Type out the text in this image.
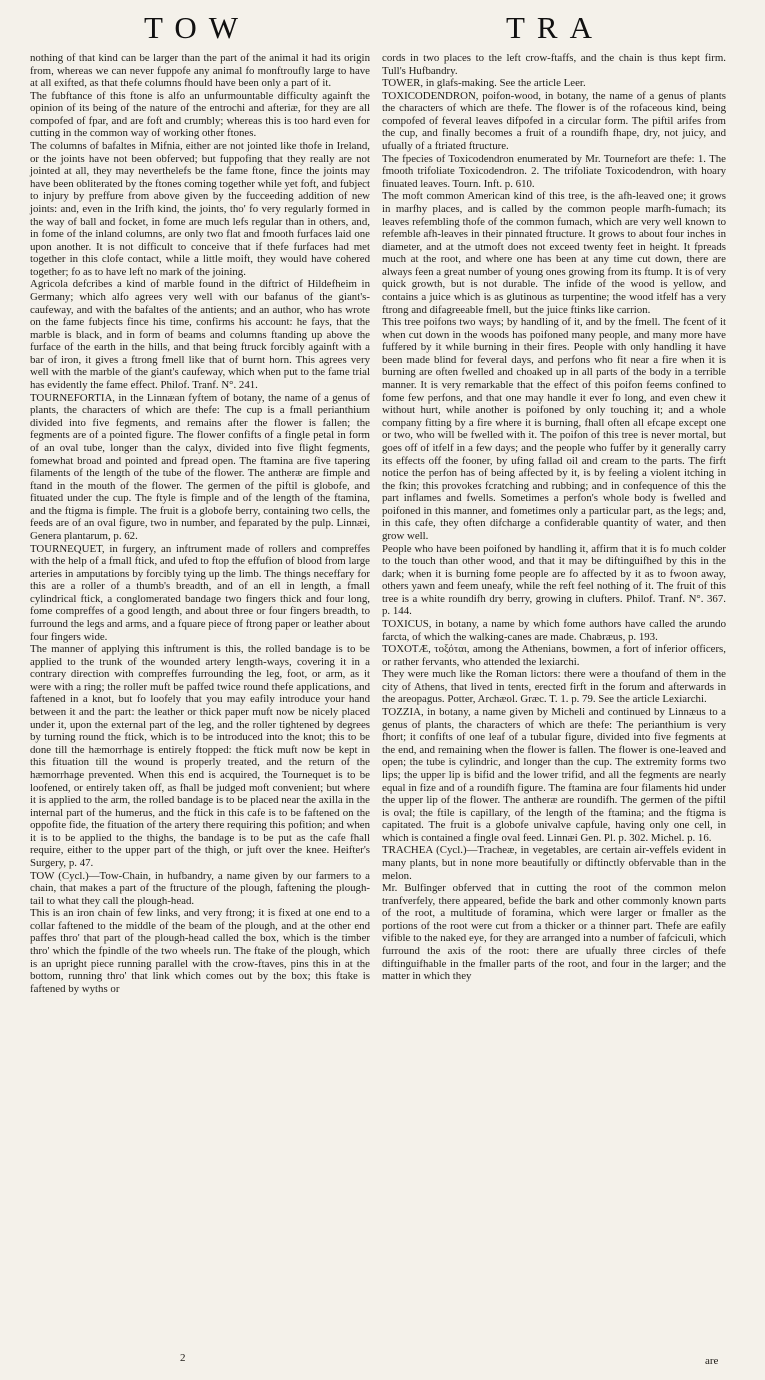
TOW	TRA

nothing of that kind can be larger than the part of the animal it had its origin from, whereas we can never fuppofe any animal fo monftroufly large to have at all exifted, as that thefe columns fhould have been only a part of it.

The fubftance of this ftone is alfo an unfurmountable difficulty againft the opinion of its being of the nature of the entrochi and afteriæ, for they are all compofed of fpar, and are foft and crumbly; whereas this is too hard even for cutting in the common way of working other ftones.

The columns of bafaltes in Mifnia, either are not jointed like thofe in Ireland, or the joints have not been obferved; but fuppofing that they really are not jointed at all, they may neverthelefs be the fame ftone, fince the joints may have been obliterated by the ftones coming together while yet foft, and fubject to injury by preffure from above given by the fucceeding addition of new joints: and, even in the Irifh kind, the joints, tho' fo very regularly formed in the way of ball and focket, in fome are much lefs regular than in others, and, in fome of the inland columns, are only two flat and fmooth furfaces laid one upon another. It is not difficult to conceive that if thefe furfaces had met together in this clofe contact, while a little moift, they would have cohered together; fo as to have left no mark of the joining.

Agricola defcribes a kind of marble found in the diftrict of Hildefheim in Germany; which alfo agrees very well with our bafanus of the giant's-caufeway, and with the bafaltes of the antients; and an author, who has wrote on the fame fubjects fince his time, confirms his account: he fays, that the marble is black, and in form of beams and columns ftanding up above the furface of the earth in the hills, and that being ftruck forcibly againft with a bar of iron, it gives a ftrong fmell like that of burnt horn. This agrees very well with the marble of the giant's caufeway, which when put to the fame trial has evidently the fame effect. Philof. Tranf. N°. 241.

TOURNEFORTIA, in the Linnæan fyftem of botany, the name of a genus of plants, the characters of which are thefe: The cup is a fmall perianthium divided into five fegments, and remains after the flower is fallen; the fegments are of a pointed figure. The flower confifts of a fingle petal in form of an oval tube, longer than the calyx, divided into five flight fegments, fomewhat broad and pointed and fpread open. The ftamina are five tapering filaments of the length of the tube of the flower. The antheræ are fimple and ftand in the mouth of the flower. The germen of the piftil is globofe, and fituated under the cup. The ftyle is fimple and of the length of the ftamina, and the ftigma is fimple. The fruit is a globofe berry, containing two cells, the feeds are of an oval figure, two in number, and feparated by the pulp. Linnæi, Genera plantarum, p. 62.

TOURNEQUET, in furgery, an inftrument made of rollers and compreffes with the help of a fmall ftick, and ufed to ftop the effufion of blood from large arteries in amputations by forcibly tying up the limb. The things neceffary for this are a roller of a thumb's breadth, and of an ell in length, a fmall cylindrical ftick, a conglomerated bandage two fingers thick and four long, fome compreffes of a good length, and about three or four fingers breadth, to furround the legs and arms, and a fquare piece of ftrong paper or leather about four fingers wide.

The manner of applying this inftrument is this, the rolled bandage is to be applied to the trunk of the wounded artery length-ways, covering it in a contrary direction with compreffes furrounding the leg, foot, or arm, as it were with a ring; the roller muft be paffed twice round thefe applications, and faftened in a knot, but fo loofely that you may eafily introduce your hand between it and the part: the leather or thick paper muft now be nicely placed under it, upon the external part of the leg, and the roller tightened by degrees by turning round the ftick, which is to be introduced into the knot; this to be done till the hæmorrhage is entirely ftopped: the ftick muft now be kept in this fituation till the wound is properly treated, and the return of the hæmorrhage prevented. When this end is acquired, the Tournequet is to be loofened, or entirely taken off, as fhall be judged moft convenient; but where it is applied to the arm, the rolled bandage is to be placed near the axilla in the internal part of the humerus, and the ftick in this cafe is to be faftened on the oppofite fide, the fituation of the artery there requiring this pofition; and when it is to be applied to the thighs, the bandage is to be put as the cafe fhall require, either to the upper part of the thigh, or juft over the knee. Heifter's Surgery, p. 47.

TOW (Cycl.)—Tow-Chain, in hufbandry, a name given by our farmers to a chain, that makes a part of the ftructure of the plough, faftening the plough-tail to what they call the plough-head.

This is an iron chain of few links, and very ftrong; it is fixed at one end to a collar faftened to the middle of the beam of the plough, and at the other end paffes thro' that part of the plough-head called the box, which is the timber thro' which the fpindle of the two wheels run. The ftake of the plough, which is an upright piece running parallel with the crow-ftaves, pins this in at the bottom, running thro' that link which comes out by the box; this ftake is faftened by wyths or

cords in two places to the left crow-ftaffs, and the chain is thus kept firm. Tull's Hufbandry.

TOWER, in glafs-making. See the article Leer.

TOXICODENDRON, poifon-wood, in botany, the name of a genus of plants the characters of which are thefe. The flower is of the rofaceous kind, being compofed of feveral leaves difpofed in a circular form. The piftil arifes from the cup, and finally becomes a fruit of a roundifh fhape, dry, not juicy, and ufually of a ftriated ftructure.

The fpecies of Toxicodendron enumerated by Mr. Tournefort are thefe: 1. The fmooth trifoliate Toxicodendron. 2. The trifoliate Toxicodendron, with hoary finuated leaves. Tourn. Inft. p. 610.

The moft common American kind of this tree, is the afh-leaved one; it grows in marfhy places, and is called by the common people marfh-fumach; its leaves refembling thofe of the common fumach, which are very well known to refemble afh-leaves in their pinnated ftructure. It grows to about four inches in diameter, and at the utmoft does not exceed twenty feet in height. It fpreads much at the root, and where one has been at any time cut down, there are always feen a great number of young ones growing from its ftump. It is of very quick growth, but is not durable. The infide of the wood is yellow, and contains a juice which is as glutinous as turpentine; the wood itfelf has a very ftrong and difagreeable fmell, but the juice ftinks like carrion.

This tree poifons two ways; by handling of it, and by the fmell. The fcent of it when cut down in the woods has poifoned many people, and many more have fuffered by it while burning in their fires. People with only handling it have been made blind for feveral days, and perfons who fit near a fire when it is burning are often fwelled and choaked up in all parts of the body in a terrible manner. It is very remarkable that the effect of this poifon feems confined to fome few perfons, and that one may handle it ever fo long, and even chew it without hurt, while another is poifoned by only touching it; and a whole company fitting by a fire where it is burning, fhall often all efcape except one or two, who will be fwelled with it. The poifon of this tree is never mortal, but goes off of itfelf in a few days; and the people who fuffer by it generally carry its effects off the fooner, by ufing fallad oil and cream to the parts. The firft notice the perfon has of being affected by it, is by feeling a violent itching in the fkin; this provokes fcratching and rubbing; and in confequence of this the part inflames and fwells. Sometimes a perfon's whole body is fwelled and poifoned in this manner, and fometimes only a particular part, as the legs; and, in this cafe, they often difcharge a confiderable quantity of water, and then grow well.

People who have been poifoned by handling it, affirm that it is fo much colder to the touch than other wood, and that it may be diftinguifhed by this in the dark; when it is burning fome people are fo affected by it as to fwoon away, others yawn and feem uneafy, while the reft feel nothing of it. The fruit of this tree is a white roundifh dry berry, growing in clufters. Philof. Tranf. N°. 367. p. 144.

TOXICUS, in botany, a name by which fome authors have called the arundo farcta, of which the walking-canes are made. Chabræus, p. 193.

TOXOTÆ, τοξόται, among the Athenians, bowmen, a fort of inferior officers, or rather fervants, who attended the lexiarchi.

They were much like the Roman lictors: there were a thoufand of them in the city of Athens, that lived in tents, erected firft in the forum and afterwards in the areopagus. Potter, Archæol. Græc. T. 1. p. 79. See the article Lexiarchi.

TOZZIA, in botany, a name given by Micheli and continued by Linnæus to a genus of plants, the characters of which are thefe: The perianthium is very fhort; it confifts of one leaf of a tubular figure, divided into five fegments at the end, and remaining when the flower is fallen. The flower is one-leaved and open; the tube is cylindric, and longer than the cup. The extremity forms two lips; the upper lip is bifid and the lower trifid, and all the fegments are nearly equal in fize and of a roundifh figure. The ftamina are four filaments hid under the upper lip of the flower. The antheræ are roundifh. The germen of the piftil is oval; the ftile is capillary, of the length of the ftamina; and the ftigma is capitated. The fruit is a globofe univalve capfule, having only one cell, in which is contained a fingle oval feed. Linnæi Gen. Pl. p. 302. Michel. p. 16.

TRACHEA (Cycl.)—Tracheæ, in vegetables, are certain air-veffels evident in many plants, but in none more beautifully or diftinctly obfervable than in the melon.

Mr. Bulfinger obferved that in cutting the root of the common melon tranfverfely, there appeared, befide the bark and other commonly known parts of the root, a multitude of foramina, which were larger or fmaller as the portions of the root were cut from a thicker or a thinner part. Thefe are eafily vifible to the naked eye, for they are arranged into a number of fafciculi, which furround the axis of the root: there are ufually three circles of thefe diftinguifhable in the fmaller parts of the root, and four in the larger; and the matter in which they

2	are
